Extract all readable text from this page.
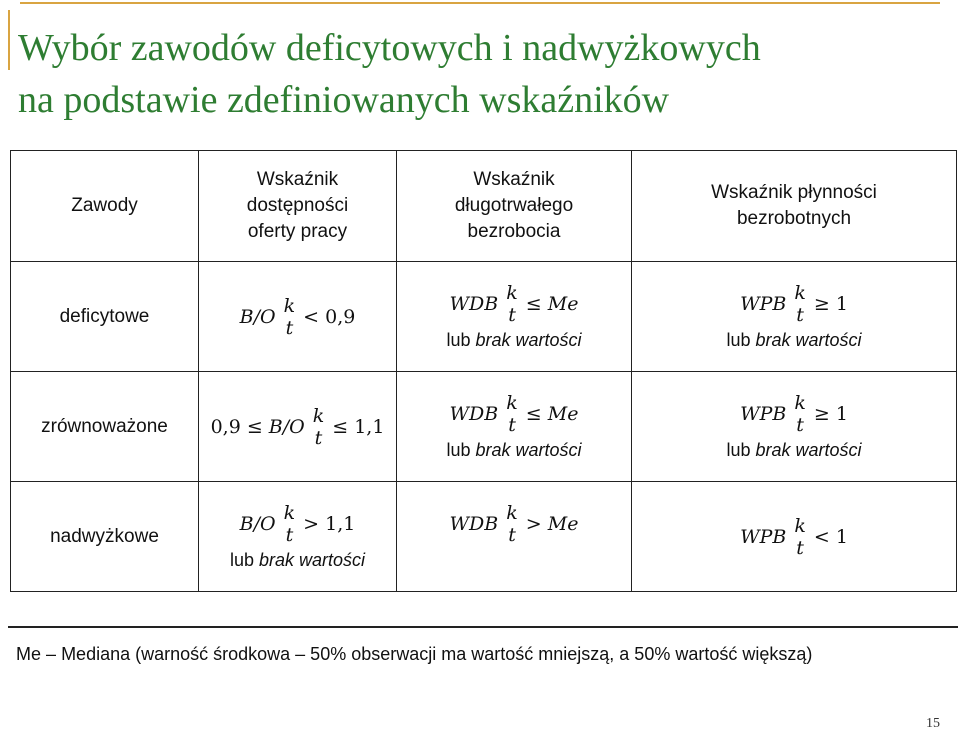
Wybór zawodów deficytowych i nadwyżkowych
na podstawie zdefiniowanych wskaźników
Zawody	Wskaźnik dostępności oferty pracy	Wskaźnik długotrwałego bezrobocia	Wskaźnik płynności bezrobotnych
deficytowe	B/O k
t < 0,9	WDB k
t ≤ Me
lub brak wartości	WPB k
t ≥ 1
lub brak wartości

zrównoważone	0,9 ≤ B/O k
t ≤ 1,1	WDB k
t ≤ Me
lub brak wartości	WPB k
t ≥ 1
lub brak wartości

nadwyżkowe	B/O k
t > 1,1
lub brak wartości	WDB k
t > Me	WPB k
t < 1
Me – Mediana (warność środkowa – 50% obserwacji ma wartość mniejszą, a 50% wartość większą)
15
